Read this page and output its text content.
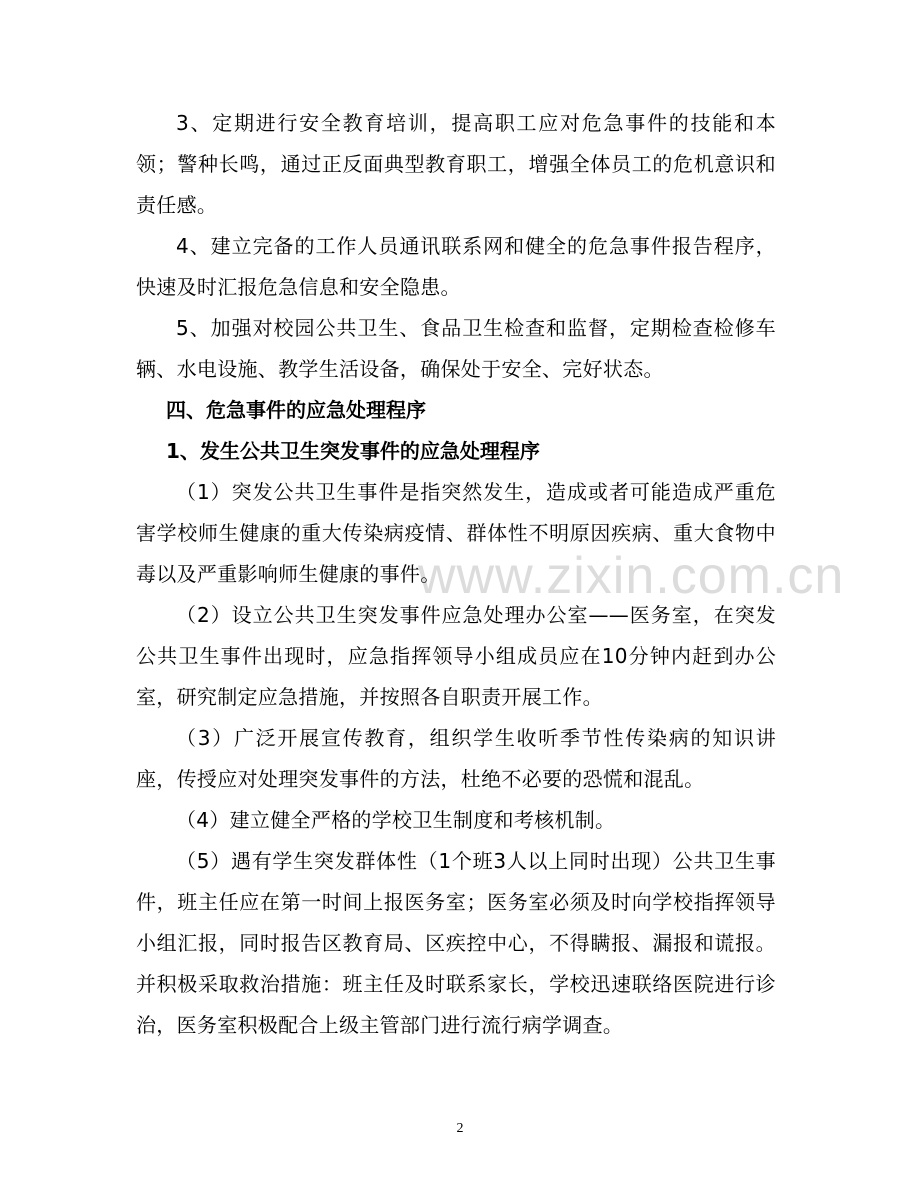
www.zixin.com.cn

3、定期进行安全教育培训，提高职工应对危急事件的技能和本领；警种长鸣，通过正反面典型教育职工，增强全体员工的危机意识和责任感。

4、建立完备的工作人员通讯联系网和健全的危急事件报告程序，快速及时汇报危急信息和安全隐患。

5、加强对校园公共卫生、食品卫生检查和监督，定期检查检修车辆、水电设施、教学生活设备，确保处于安全、完好状态。

四、危急事件的应急处理程序
1、发生公共卫生突发事件的应急处理程序

（1）突发公共卫生事件是指突然发生，造成或者可能造成严重危害学校师生健康的重大传染病疫情、群体性不明原因疾病、重大食物中毒以及严重影响师生健康的事件。

（2）设立公共卫生突发事件应急处理办公室——医务室，在突发公共卫生事件出现时，应急指挥领导小组成员应在10分钟内赶到办公室，研究制定应急措施，并按照各自职责开展工作。

（3）广泛开展宣传教育，组织学生收听季节性传染病的知识讲座，传授应对处理突发事件的方法，杜绝不必要的恐慌和混乱。

（4）建立健全严格的学校卫生制度和考核机制。

（5）遇有学生突发群体性（1个班3人以上同时出现）公共卫生事件，班主任应在第一时间上报医务室；医务室必须及时向学校指挥领导小组汇报，同时报告区教育局、区疾控中心，不得瞒报、漏报和谎报。并积极采取救治措施：班主任及时联系家长，学校迅速联络医院进行诊治，医务室积极配合上级主管部门进行流行病学调查。

2
